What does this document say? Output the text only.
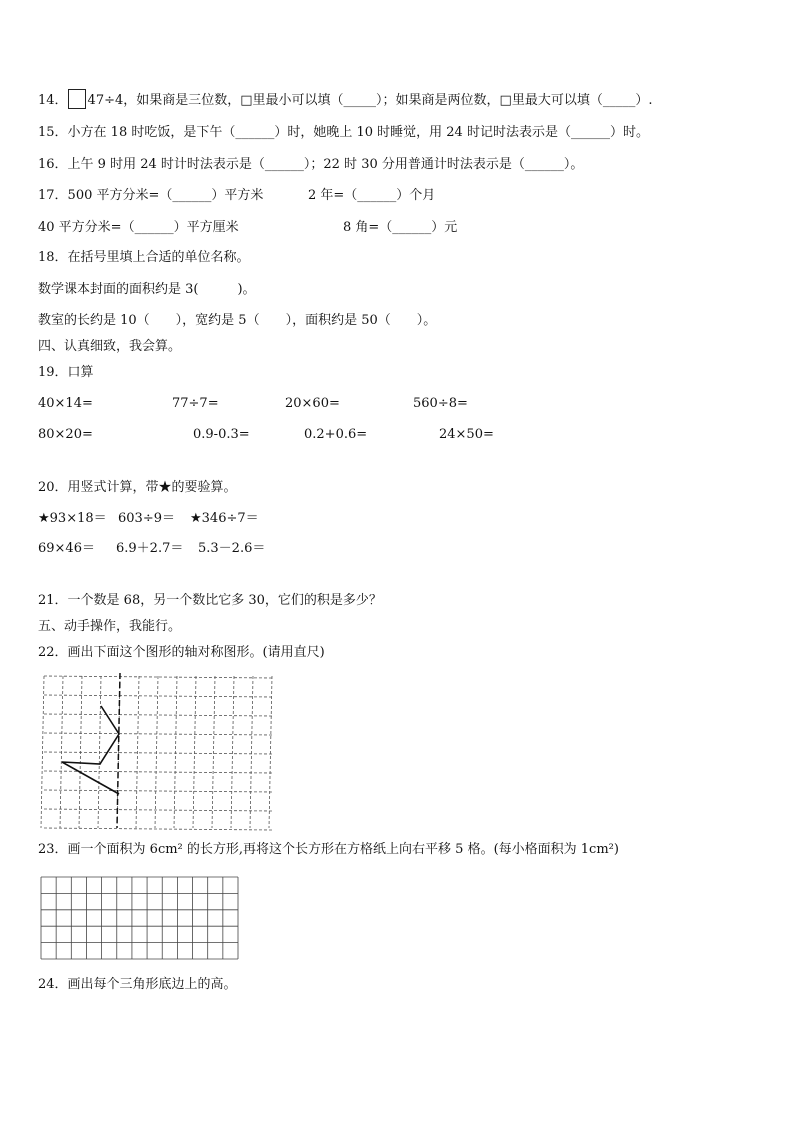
14． 47÷4，如果商是三位数，□里最小可以填（_____）；如果商是两位数，□里最大可以填（_____）.
15．小方在 18 时吃饭，是下午（______）时，她晚上 10 时睡觉，用 24 时记时法表示是（______）时。
16．上午 9 时用 24 时计时法表示是（______）；22 时 30 分用普通计时法表示是（______）。
17．500 平方分米=（______）平方米	2 年=（______）个月
40 平方分米=（______）平方厘米	8 角=（______）元
18．在括号里填上合适的单位名称。
数学课本封面的面积约是 3(　　　)。
教室的长约是 10（　　），宽约是 5（　　），面积约是 50（　　）。
四、认真细致，我会算。
19．口算
40×14=	77÷7=	20×60=	560÷8=
80×20=	0.9-0.3=	0.2+0.6=	24×50=
20．用竖式计算，带★的要验算。
★93×18＝ 603÷9＝ ★346÷7＝
69×46＝ 6.9＋2.7＝ 5.3－2.6＝
21．一个数是 68，另一个数比它多 30，它们的积是多少？
五、动手操作，我能行。
22．画出下面这个图形的轴对称图形。(请用直尺)
23．画一个面积为 6cm² 的长方形,再将这个长方形在方格纸上向右平移 5 格。(每小格面积为 1cm²)
24．画出每个三角形底边上的高。
